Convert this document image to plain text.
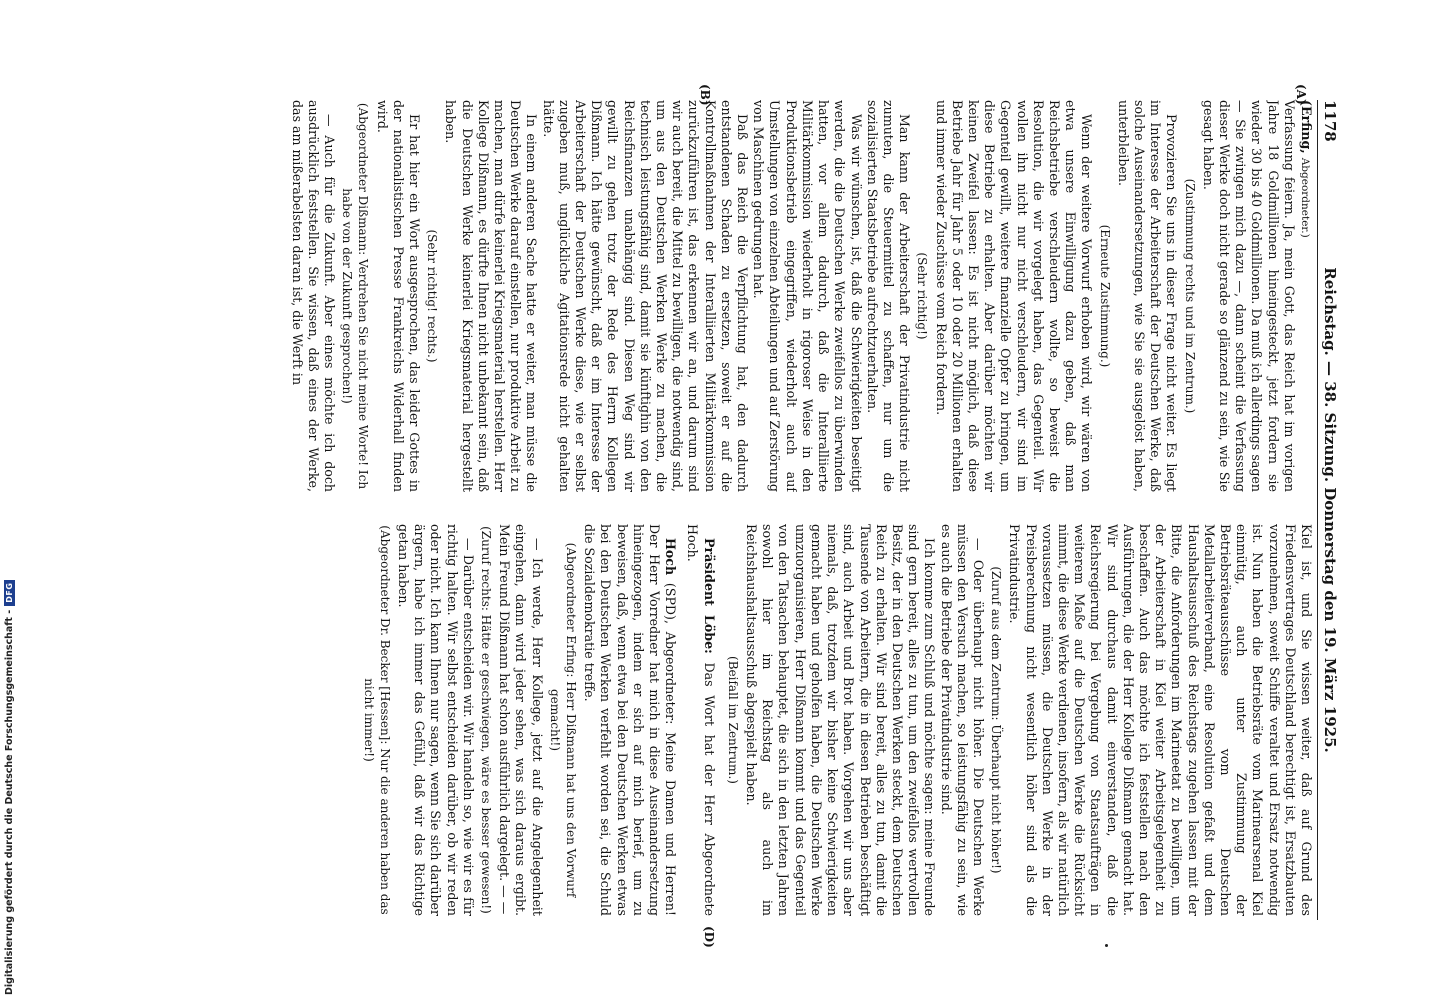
1178
Reichstag. — 38. Sitzung. Donnerstag den 19. März 1925.
(A)
(B)
(D)

(Erfing, Abgeordneter.)

Verfassung feiern. Ja, mein Gott, das Reich hat im vorigen Jahre 18 Goldmillionen hineingesteckt, jetzt fordern sie wieder 30 bis 40 Goldmillionen. Da muß ich allerdings sagen — Sie zwingen mich dazu —, dann scheint die Verfassung dieser Werke doch nicht gerade so glänzend zu sein, wie Sie gesagt haben.

(Zustimmung rechts und im Zentrum.)

Provozieren Sie uns in dieser Frage nicht weiter. Es liegt im Interesse der Arbeiterschaft der Deutschen Werke, daß solche Auseinandersetzungen, wie Sie sie ausgelöst haben, unterbleiben.

(Erneute Zustimmung.)

Wenn der weitere Vorwurf erhoben wird, wir wären von etwa unsere Einwilligung dazu geben, daß man Reichsbetriebe verschleudern wollte, so beweist die Resolution, die wir vorgelegt haben, das Gegenteil. Wir wollen ihn nicht nur nicht verschleudern, wir sind im Gegenteil gewillt, weitere finanzielle Opfer zu bringen, um diese Betriebe zu erhalten. Aber darüber möchten wir keinen Zweifel lassen: Es ist nicht möglich, daß diese Betriebe Jahr für Jahr 5 oder 10 oder 20 Millionen erhalten und immer wieder Zuschüsse vom Reich fordern.

(Sehr richtig!)

Man kann der Arbeiterschaft der Privatindustrie nicht zumuten, die Steuermittel zu schaffen, nur um die sozialisierten Staatsbetriebe aufrechtzuerhalten.

Was wir wünschen, ist, daß die Schwierigkeiten beseitigt werden, die die Deutschen Werke zweifellos zu überwinden hatten, vor allem dadurch, daß die Interalliierte Militärkommission wiederholt in rigoroser Weise in den Produktionsbetrieb eingegriffen, wiederholt auch auf Umstellungen von einzelnen Abteilungen und auf Zerstörung von Maschinen gedrungen hat.

Daß das Reich die Verpflichtung hat, den dadurch entstandenen Schaden zu ersetzen, soweit er auf die Kontrollmaßnahmen der Interalliierten Militärkommission zurückzuführen ist, das erkennen wir an, und darum sind wir auch bereit, die Mittel zu bewilligen, die notwendig sind, um aus den Deutschen Werken Werke zu machen, die technisch leistungsfähig sind, damit sie künftighin von den Reichsfinanzen unabhängig sind. Diesen Weg sind wir gewillt zu gehen trotz der Rede des Herrn Kollegen Dißmann. Ich hätte gewünscht, daß er im Interesse der Arbeiterschaft der Deutschen Werke diese, wie er selbst zugeben muß, unglückliche Agitationsrede nicht gehalten hätte.

In einem anderen Sache hatte er weiter, man müsse die Deutschen Werke darauf einstellen, nur produktive Arbeit zu machen, man dürfe keinerlei Kriegsmaterial herstellen. Herr Kollege Dißmann, es dürfte Ihnen nicht unbekannt sein, daß die Deutschen Werke keinerlei Kriegsmaterial hergestellt haben.

(Sehr richtig! rechts.)

Er hat hier ein Wort ausgesprochen, das leider Gottes in der nationalistischen Presse Frankreichs Widerhall finden wird.

(Abgeordneter Dißmann: Verdrehen Sie nicht meine Worte! Ich habe von der Zukunft gesprochen!)

— Auch für die Zukunft. Aber eines möchte ich doch ausdrücklich feststellen. Sie wissen, daß eines der Werke, das am mißerabelsten daran ist, die Werft in

Kiel ist, und Sie wissen weiter, daß auf Grund des Friedensvertrages Deutschland berechtigt ist, Ersatzbauten vorzunehmen, soweit Schiffe veraltet und Ersatz notwendig ist. Nun haben die Betriebsräte vom Marinearsenal Kiel einmütig, auch unter Zustimmung der Betriebsräteausschüsse vom Deutschen Metallarbeiterverband, eine Resolution gefaßt und dem Haushaltsausschuß des Reichstags zugehen lassen mit der Bitte, die Anforderungen im Marineetat zu bewilligen, um der Arbeiterschaft in Kiel weiter Arbeitsgelegenheit zu beschaffen. Auch das möchte ich feststellen nach den Ausführungen, die der Herr Kollege Dißmann gemacht hat. Wir sind durchaus damit einverstanden, daß die Reichsregierung bei Vergebung von Staatsaufträgen in weiterem Maße auf die Deutschen Werke die Rücksicht nimmt, die diese Werke verdienen, insofern, als wir natürlich voraussetzen müssen, die Deutschen Werke in der Preisberechnung nicht wesentlich höher sind als die Privatindustrie.

(Zuruf aus dem Zentrum: Überhaupt nicht höher!)

— Oder überhaupt nicht höher. Die Deutschen Werke müssen den Versuch machen, so leistungsfähig zu sein, wie es auch die Betriebe der Privatindustrie sind.

Ich komme zum Schluß und möchte sagen: meine Freunde sind gern bereit, alles zu tun, um den zweifellos wertvollen Besitz, der in den Deutschen Werken steckt, dem Deutschen Reich zu erhalten. Wir sind bereit, alles zu tun, damit die Tausende von Arbeitern, die in diesen Betrieben beschäftigt sind, auch Arbeit und Brot haben. Vorgehen wir uns aber niemals, daß, trotzdem wir bisher keine Schwierigkeiten gemacht haben und geholfen haben, die Deutschen Werke umzuorganisieren, Herr Dißmann kommt und das Gegenteil von den Tatsachen behauptet, die sich in den letzten Jahren sowohl hier im Reichstag als auch im Reichshaushaltsausschuß abgespielt haben.

(Beifall im Zentrum.)

Präsident Löbe: Das Wort hat der Herr Abgeordnete Hoch.

Hoch (SPD), Abgeordneter: Meine Damen und Herren! Der Herr Vorredner hat mich in diese Auseinandersetzung hineingezogen, indem er sich auf mich berief, um zu beweisen, daß, wenn etwa bei den Deutschen Werken etwas bei den Deutschen Werken verfehlt worden sei, die Schuld die Sozialdemokratie treffe.

(Abgeordneter Erfing: Herr Dißmann hat uns den Vorwurf gemacht!)

— Ich werde, Herr Kollege, jetzt auf die Angelegenheit eingehen, dann wird jeder sehen, was sich daraus ergibt. Mein Freund Dißmann hat schon ausführlich dargelegt. — —

(Zuruf rechts: Hätte er geschwiegen, wäre es besser gewesen!)

— Darüber entscheiden wir. Wir handeln so, wie wir es für richtig halten. Wir selbst entscheiden darüber, ob wir reden oder nicht. Ich kann Ihnen nur sagen, wenn Sie sich darüber ärgern, habe ich immer das Gefühl, daß wir das Richtige getan haben.

(Abgeordneter Dr. Becker [Hessen]: Nur die anderen haben das nicht immer!)

Digitalisierung gefördert durch die Deutsche Forschungsgemeinschaft -
DFG
